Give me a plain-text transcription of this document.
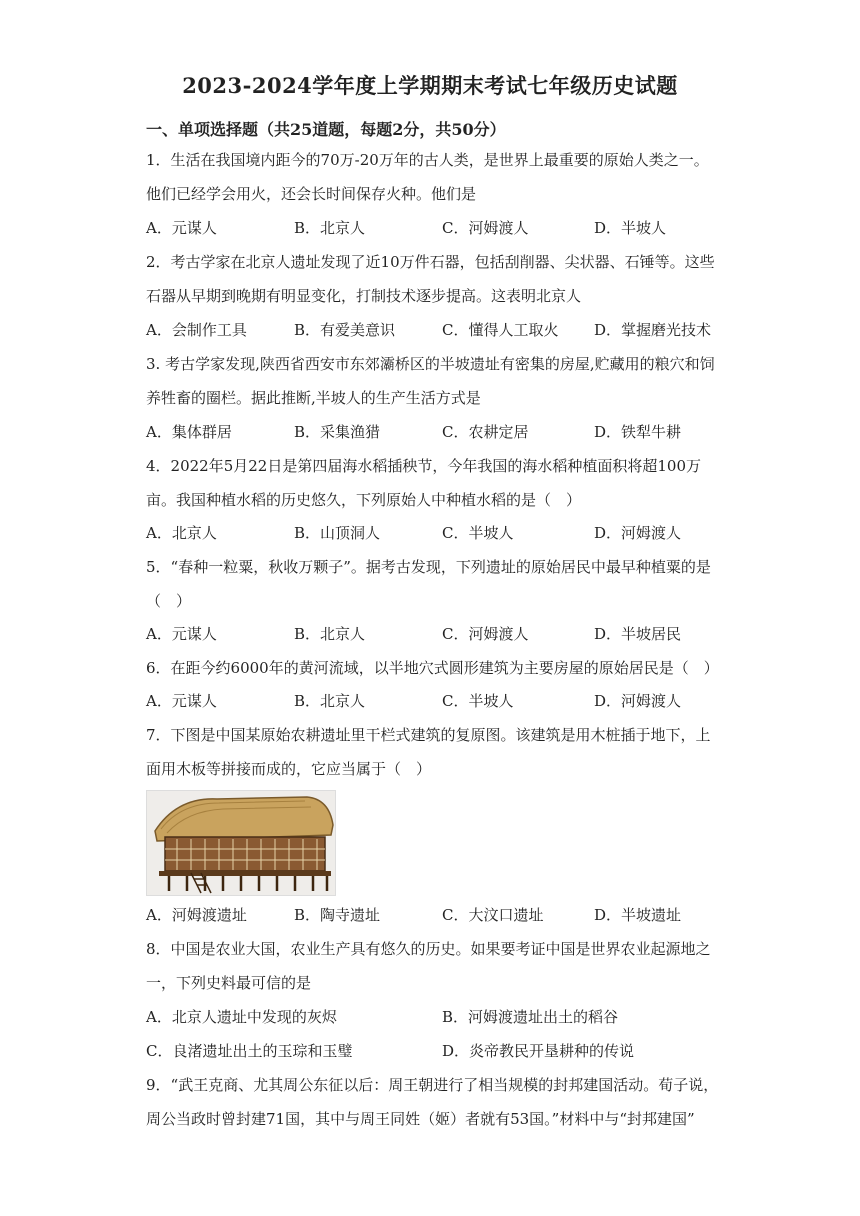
2023-2024学年度上学期期末考试七年级历史试题
一、单项选择题（共25道题，每题2分，共50分）
1．生活在我国境内距今的70万-20万年的古人类，是世界上最重要的原始人类之一。
他们已经学会用火，还会长时间保存火种。他们是
A．元谋人	B．北京人	C．河姆渡人	D．半坡人
2．考古学家在北京人遗址发现了近10万件石器，包括刮削器、尖状器、石锤等。这些
石器从早期到晚期有明显变化，打制技术逐步提高。这表明北京人
A．会制作工具	B．有爱美意识	C．懂得人工取火 D．掌握磨光技术
3. 考古学家发现,陕西省西安市东郊灞桥区的半坡遗址有密集的房屋,贮藏用的粮穴和饲
养牲畜的圈栏。据此推断,半坡人的生产生活方式是
A．集体群居	B．采集渔猎	C．农耕定居	D．铁犁牛耕
4．2022年5月22日是第四届海水稻插秧节，今年我国的海水稻种植面积将超100万
亩。我国种植水稻的历史悠久，下列原始人中种植水稻的是（　）
A．北京人	B．山顶洞人	C．半坡人	D．河姆渡人
5．“春种一粒粟，秋收万颗子”。据考古发现，下列遗址的原始居民中最早种植粟的是
（　）
A．元谋人	B．北京人	C．河姆渡人	D．半坡居民
6．在距今约6000年的黄河流域，以半地穴式圆形建筑为主要房屋的原始居民是（　）
A．元谋人	B．北京人	C．半坡人	D．河姆渡人
7．下图是中国某原始农耕遗址里干栏式建筑的复原图。该建筑是用木桩插于地下，上
面用木板等拼接而成的，它应当属于（　）
A．河姆渡遗址	B．陶寺遗址	C．大汶口遗址	D．半坡遗址
8．中国是农业大国，农业生产具有悠久的历史。如果要考证中国是世界农业起源地之
一，下列史料最可信的是
A．北京人遗址中发现的灰烬	B．河姆渡遗址出土的稻谷
C．良渚遗址出土的玉琮和玉璧	D．炎帝教民开垦耕种的传说
9．“武王克商、尤其周公东征以后：周王朝进行了相当规模的封邦建国活动。荀子说，
周公当政时曾封建71国，其中与周王同姓（姬）者就有53国。”材料中与“封邦建国”
